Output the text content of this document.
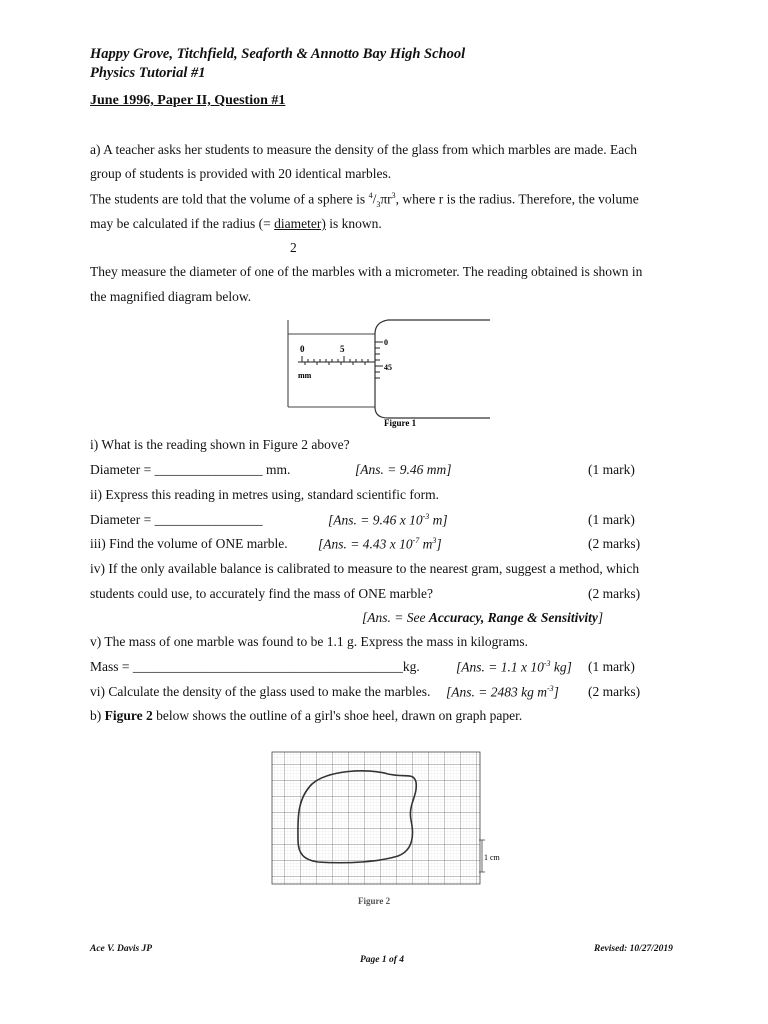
Happy Grove, Titchfield, Seaforth & Annotto Bay High School
Physics Tutorial #1
June 1996, Paper II, Question #1
a) A teacher asks her students to measure the density of the glass from which marbles are made. Each
group of students is provided with 20 identical marbles.
The students are told that the volume of a sphere is $^4/_3\pi r^3$, where r is the radius. Therefore, the volume
may be calculated if the radius (= diameter) is known.
2
They measure the diameter of one of the marbles with a micrometer. The reading obtained is shown in
the magnified diagram below.
0	5
mm
0
45
Figure 1
i) What is the reading shown in Figure 2 above?
Diameter = ________________ mm.	[Ans. = 9.46 mm]	(1 mark)
ii) Express this reading in metres using, standard scientific form.
Diameter = ________________	[Ans. = 9.46 x $10^{-3}$ m]	(1 mark)
iii) Find the volume of ONE marble. [Ans. = 4.43 x $10^{-7}$ $m^3$]	(2 marks)
iv) If the only available balance is calibrated to measure to the nearest gram, suggest a method, which
students could use, to accurately find the mass of ONE marble?	(2 marks)
[Ans. = See Accuracy, Range & Sensitivity]
v) The mass of one marble was found to be 1.1 g. Express the mass in kilograms.
Mass = ________________________________________kg.	[Ans. = 1.1 x $10^{-3}$ kg] (1 mark)
vi) Calculate the density of the glass used to make the marbles. [Ans. = 2483 kg $m^{-3}$] (2 marks)
b) Figure 2 below shows the outline of a girl's shoe heel, drawn on graph paper.
1 cm
Figure 2
Ace V. Davis JP
Page 1 of 4
Revised: 10/27/2019
